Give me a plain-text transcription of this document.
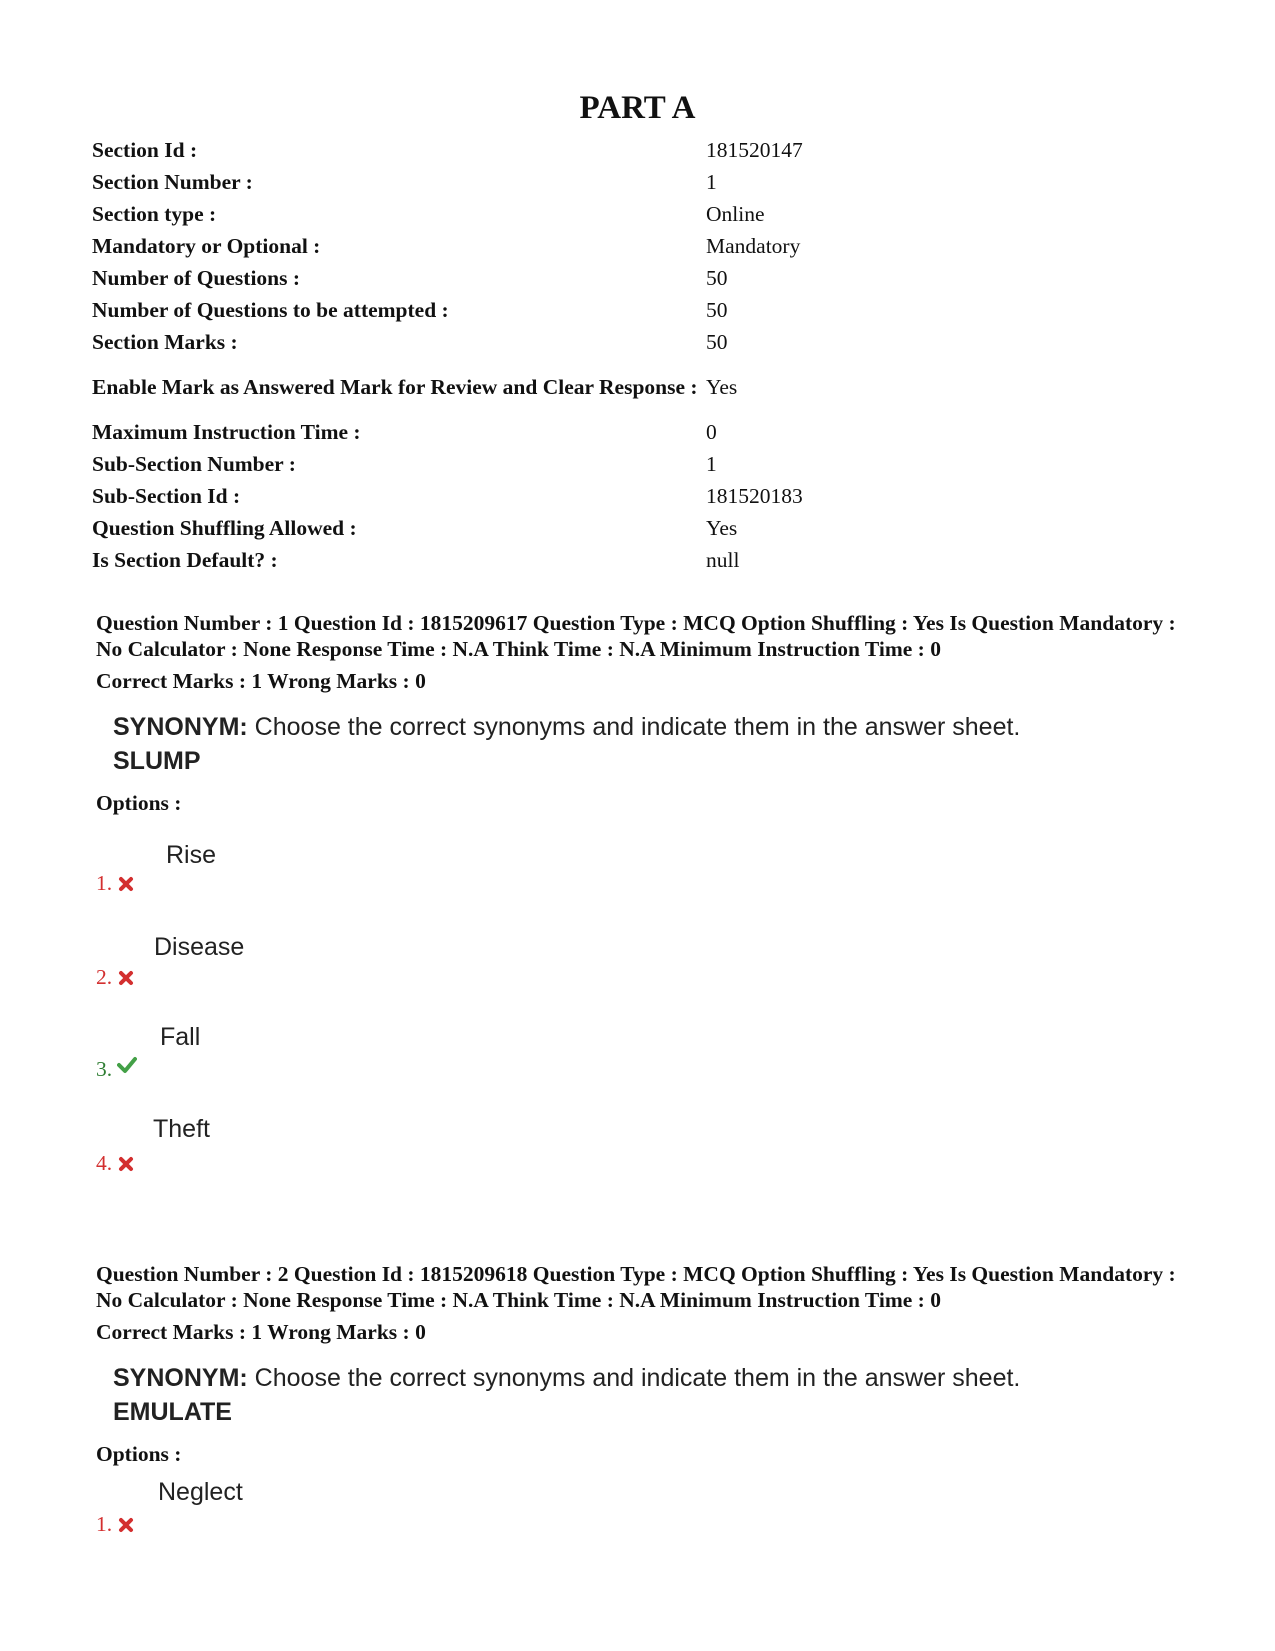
PART A
Section Id :	181520147
Section Number :	1
Section type :	Online
Mandatory or Optional :	Mandatory
Number of Questions :	50
Number of Questions to be attempted :	50
Section Marks :	50
Enable Mark as Answered Mark for Review and Clear Response :	Yes
Maximum Instruction Time :	0
Sub-Section Number :	1
Sub-Section Id :	181520183
Question Shuffling Allowed :	Yes
Is Section Default? :	null

Question Number : 1 Question Id : 1815209617 Question Type : MCQ Option Shuffling : Yes Is Question Mandatory : No Calculator : None Response Time : N.A Think Time : N.A Minimum Instruction Time : 0

Correct Marks : 1 Wrong Marks : 0

SYNONYM: Choose the correct synonyms and indicate them in the answer sheet.
SLUMP

Options :

1.
Rise
2.
Disease
3.
Fall
4.
Theft

Question Number : 2 Question Id : 1815209618 Question Type : MCQ Option Shuffling : Yes Is Question Mandatory : No Calculator : None Response Time : N.A Think Time : N.A Minimum Instruction Time : 0

Correct Marks : 1 Wrong Marks : 0

SYNONYM: Choose the correct synonyms and indicate them in the answer sheet.
EMULATE

Options :

1.
Neglect
